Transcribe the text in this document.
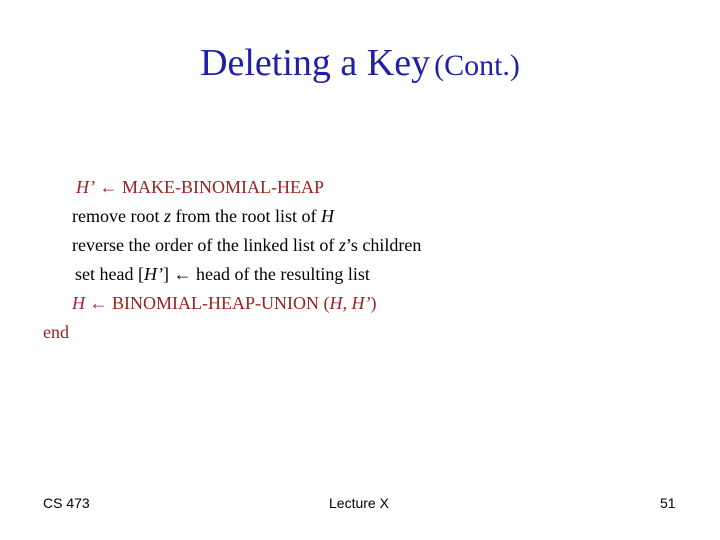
Deleting a Key (Cont.)
H’ ← MAKE-BINOMIAL-HEAP
remove root z from the root list of H
reverse the order of the linked list of z’s children
set head [H’] ← head of the resulting list
H ← BINOMIAL-HEAP-UNION (H, H’)
end
CS 473	Lecture X	51
